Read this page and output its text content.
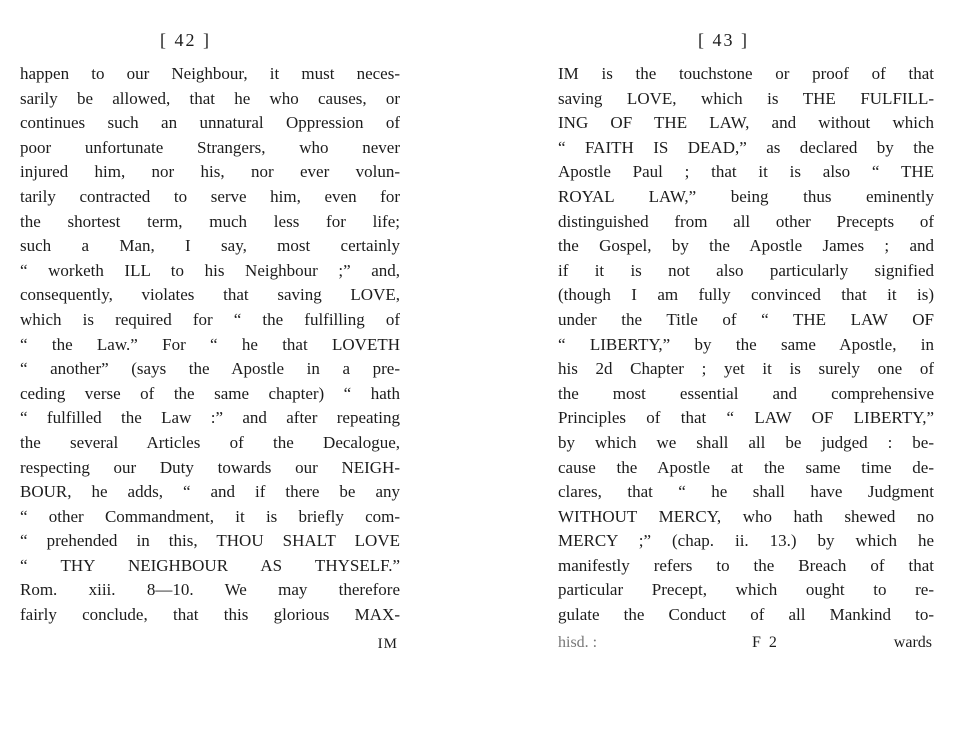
[ 42 ]
happen to our Neighbour, it must neces-
sarily be allowed, that he who causes, or
continues such an unnatural Oppression of
poor unfortunate Strangers, who never
injured him, nor his, nor ever volun-
tarily contracted to serve him, even for
the shortest term, much less for life;
such a Man, I say, most certainly
“ worketh ILL to his Neighbour ;” and,
consequently, violates that saving LOVE,
which is required for “ the fulfilling of
“ the Law.” For “ he that LOVETH
“ another” (says the Apostle in a pre-
ceding verse of the same chapter) “ hath
“ fulfilled the Law :” and after repeating
the several Articles of the Decalogue,
respecting our Duty towards our NEIGH-
BOUR, he adds, “ and if there be any
“ other Commandment, it is briefly com-
“ prehended in this, THOU SHALT LOVE
“ THY NEIGHBOUR AS THYSELF.”
Rom. xiii. 8—10. We may therefore
fairly conclude, that this glorious MAX-
IM
[ 43 ]
IM is the touchstone or proof of that
saving LOVE, which is THE FULFILL-
ING OF THE LAW, and without which
“ FAITH IS DEAD,” as declared by the
Apostle Paul ; that it is also “ THE
ROYAL LAW,” being thus eminently
distinguished from all other Precepts of
the Gospel, by the Apostle James ; and
if it is not also particularly signified
(though I am fully convinced that it is)
under the Title of “ THE LAW OF
“ LIBERTY,” by the same Apostle, in
his 2d Chapter ; yet it is surely one of
the most essential and comprehensive
Principles of that “ LAW OF LIBERTY,”
by which we shall all be judged : be-
cause the Apostle at the same time de-
clares, that “ he shall have Judgment
WITHOUT MERCY, who hath shewed no
MERCY ;” (chap. ii. 13.) by which he
manifestly refers to the Breach of that
particular Precept, which ought to re-
gulate the Conduct of all Mankind to-
hisd. :	F 2	wards
